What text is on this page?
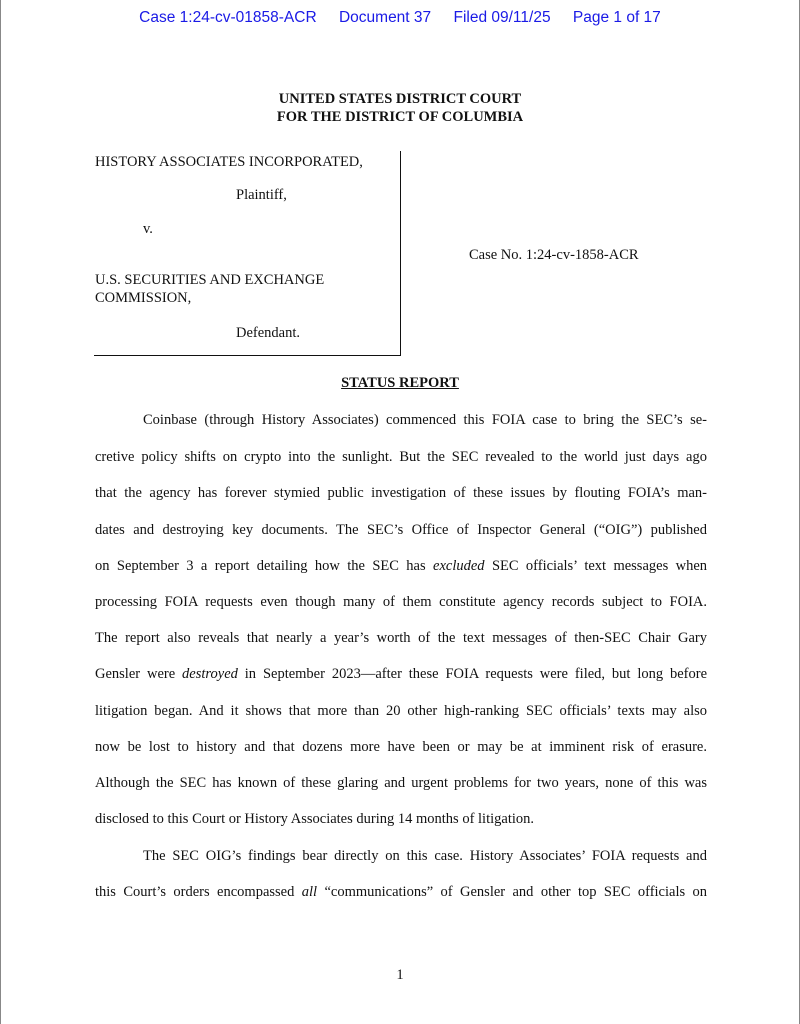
Case 1:24-cv-01858-ACR Document 37 Filed 09/11/25 Page 1 of 17
UNITED STATES DISTRICT COURT
FOR THE DISTRICT OF COLUMBIA
HISTORY ASSOCIATES INCORPORATED,
Plaintiff,
v.
U.S. SECURITIES AND EXCHANGE
COMMISSION,
Defendant.
Case No. 1:24-cv-1858-ACR
STATUS REPORT
Coinbase (through History Associates) commenced this FOIA case to bring the SEC’s se-
cretive policy shifts on crypto into the sunlight. But the SEC revealed to the world just days ago
that the agency has forever stymied public investigation of these issues by flouting FOIA’s man-
dates and destroying key documents. The SEC’s Office of Inspector General (“OIG”) published
on September 3 a report detailing how the SEC has excluded SEC officials’ text messages when
processing FOIA requests even though many of them constitute agency records subject to FOIA.
The report also reveals that nearly a year’s worth of the text messages of then-SEC Chair Gary
Gensler were destroyed in September 2023—after these FOIA requests were filed, but long before
litigation began. And it shows that more than 20 other high-ranking SEC officials’ texts may also
now be lost to history and that dozens more have been or may be at imminent risk of erasure.
Although the SEC has known of these glaring and urgent problems for two years, none of this was
disclosed to this Court or History Associates during 14 months of litigation.
The SEC OIG’s findings bear directly on this case. History Associates’ FOIA requests and
this Court’s orders encompassed all “communications” of Gensler and other top SEC officials on
1
